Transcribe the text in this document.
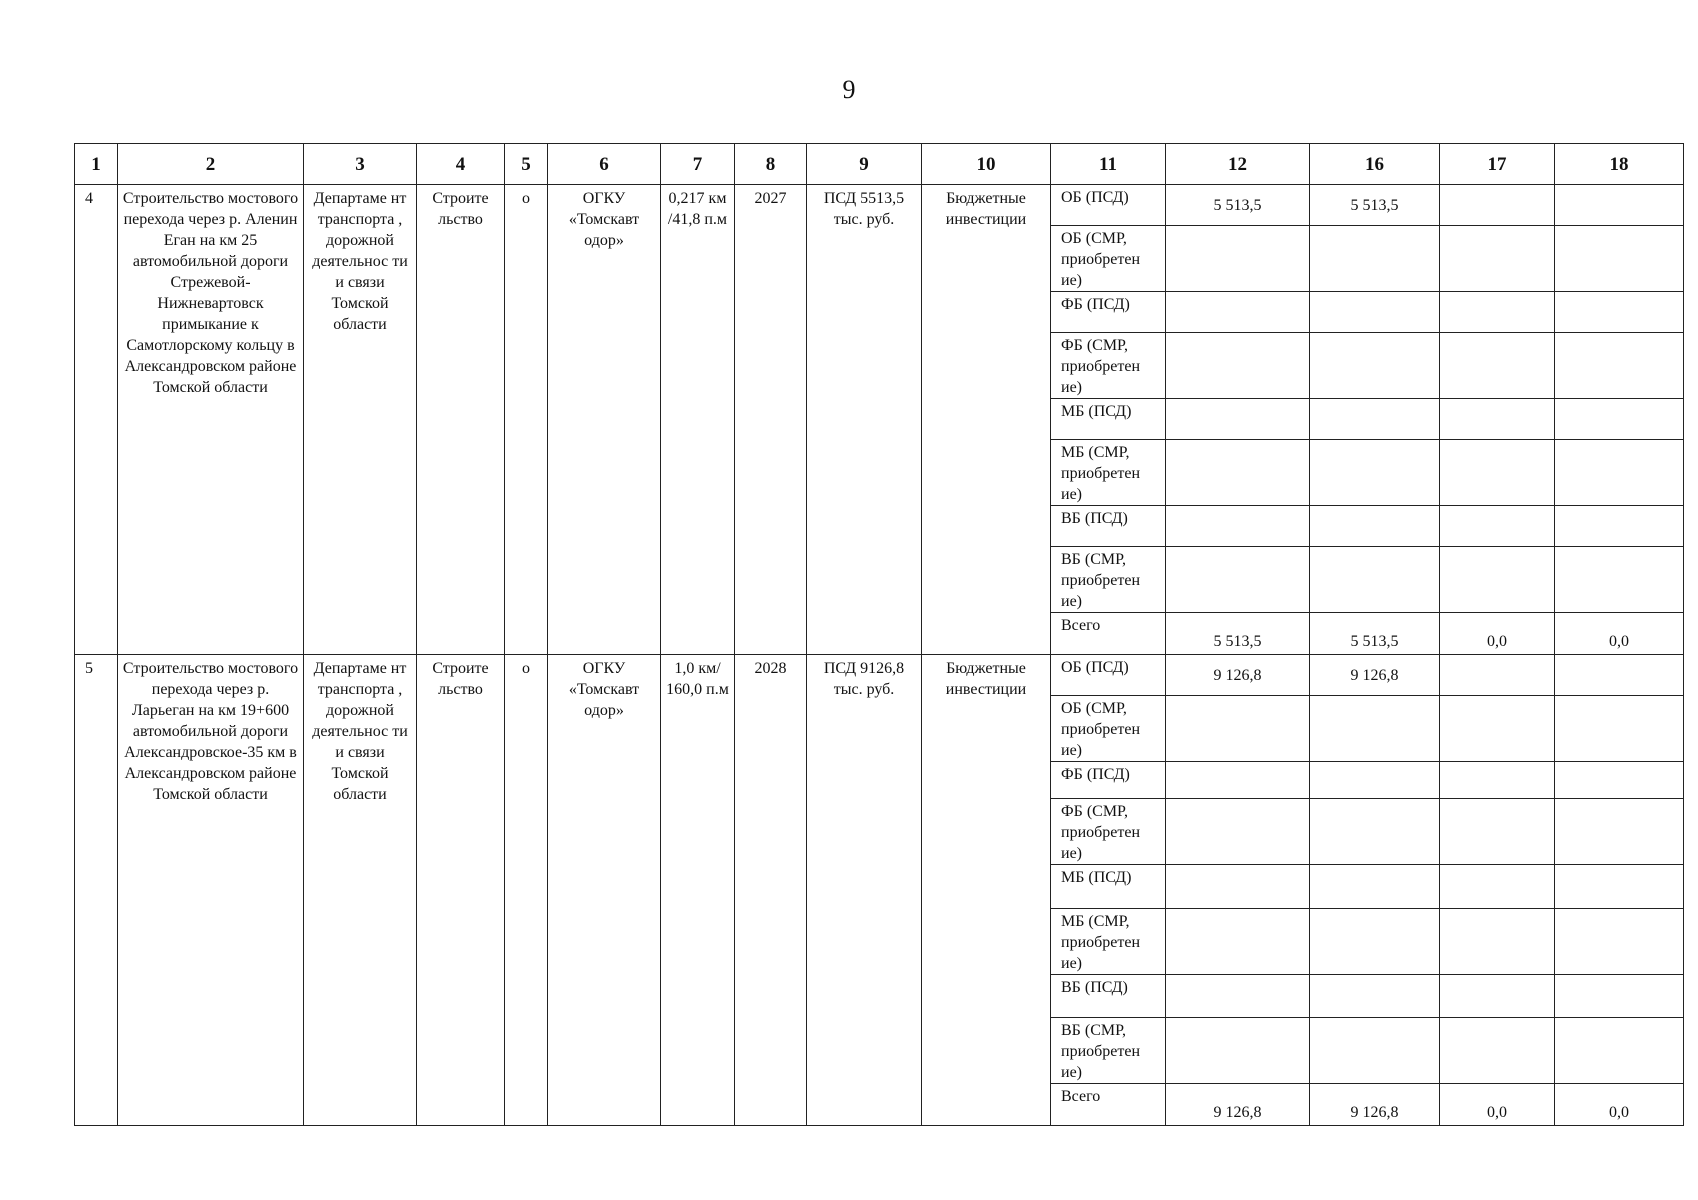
9
1	2	3	4	5	6	7	8	9	10	11	12	16	17	18
4	Строительство мостового перехода через р. Аленин Еган на км 25 автомобильной дороги Стрежевой-Нижневартовск примыкание к Самотлорскому кольцу в Александровском районе Томской области	Департаме нт транспорта , дорожной деятельнос ти и связи Томской области	Строите льство	о	ОГКУ «Томскавт одор»	0,217 км /41,8 п.м	2027	ПСД 5513,5 тыс. руб.	Бюджетные инвестиции	ОБ (ПСД)	5 513,5	5 513,5		
										ОБ (СМР, приобретен ие)				
										ФБ (ПСД)				
										ФБ (СМР, приобретен ие)				
										МБ (ПСД)				
										МБ (СМР, приобретен ие)				
										ВБ (ПСД)				
										ВБ (СМР, приобретен ие)				
										Всего	5 513,5	5 513,5	0,0	0,0
5	Строительство мостового перехода через р. Ларьеган на км 19+600 автомобильной дороги Александровское-35 км в Александровском районе Томской области	Департаме нт транспорта , дорожной деятельнос ти и связи Томской области	Строите льство	о	ОГКУ «Томскавт одор»	1,0 км/ 160,0 п.м	2028	ПСД 9126,8 тыс. руб.	Бюджетные инвестиции	ОБ (ПСД)	9 126,8	9 126,8		
										ОБ (СМР, приобретен ие)				
										ФБ (ПСД)				
										ФБ (СМР, приобретен ие)				
										МБ (ПСД)				
										МБ (СМР, приобретен ие)				
										ВБ (ПСД)				
										ВБ (СМР, приобретен ие)				
										Всего	9 126,8	9 126,8	0,0	0,0
